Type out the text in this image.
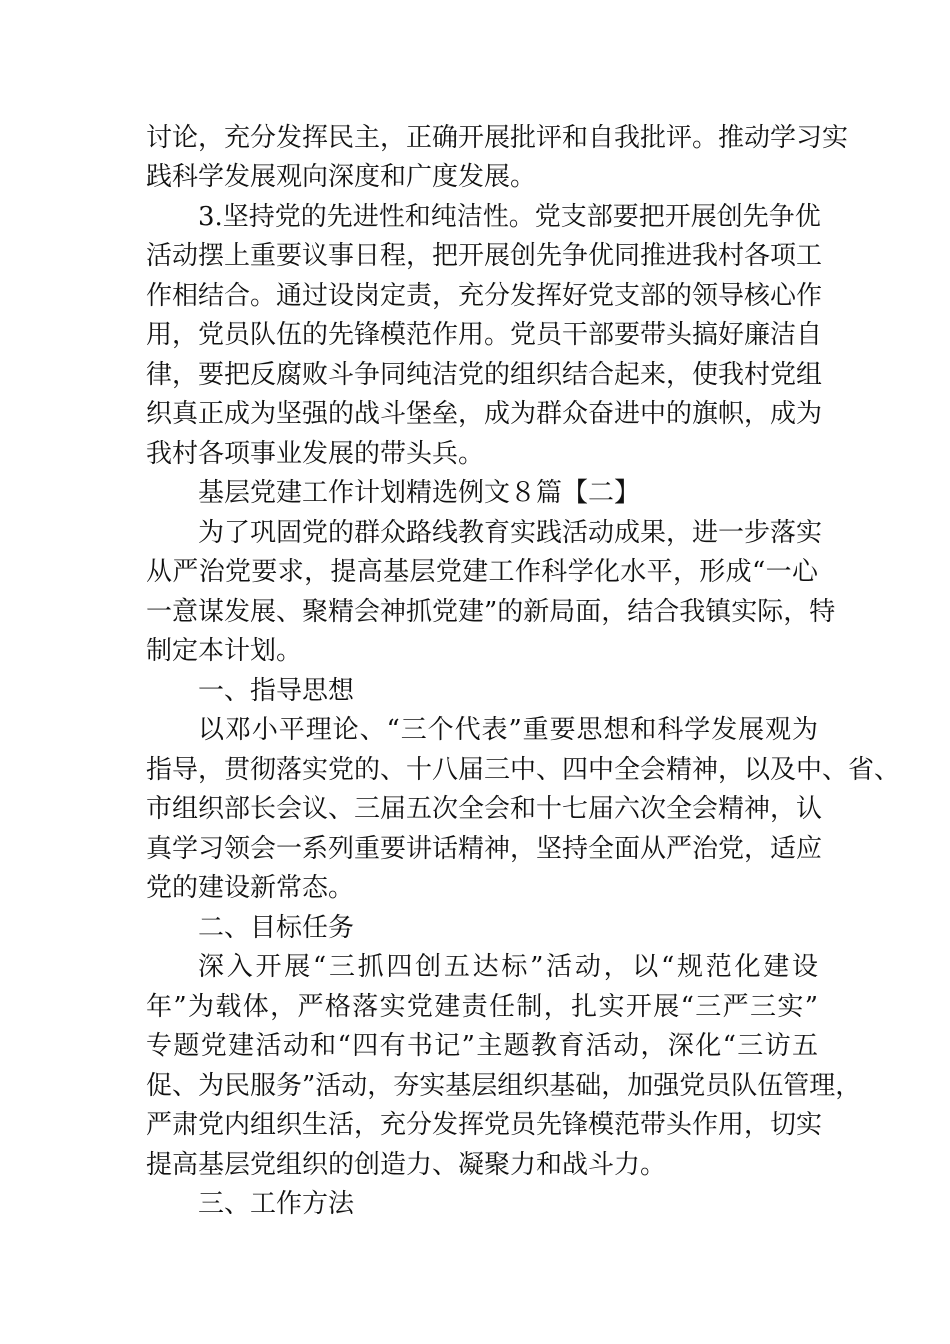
讨论，充分发挥民主，正确开展批评和自我批评。推动学习实
践科学发展观向深度和广度发展。
3.坚持党的先进性和纯洁性。党支部要把开展创先争优
活动摆上重要议事日程，把开展创先争优同推进我村各项工
作相结合。通过设岗定责，充分发挥好党支部的领导核心作
用，党员队伍的先锋模范作用。党员干部要带头搞好廉洁自
律，要把反腐败斗争同纯洁党的组织结合起来，使我村党组
织真正成为坚强的战斗堡垒，成为群众奋进中的旗帜，成为
我村各项事业发展的带头兵。
基层党建工作计划精选例文８篇【二】
为了巩固党的群众路线教育实践活动成果，进一步落实
从严治党要求，提高基层党建工作科学化水平，形成“一心
一意谋发展、聚精会神抓党建”的新局面，结合我镇实际，特
制定本计划。
一、指导思想
以邓小平理论、“三个代表”重要思想和科学发展观为
指导，贯彻落实党的、十八届三中、四中全会精神，以及中、省、
市组织部长会议、三届五次全会和十七届六次全会精神，认
真学习领会一系列重要讲话精神，坚持全面从严治党，适应
党的建设新常态。
二、目标任务
深入开展“三抓四创五达标”活动，以“规范化建设
年”为载体，严格落实党建责任制，扎实开展“三严三实”
专题党建活动和“四有书记”主题教育活动，深化“三访五
促、为民服务”活动，夯实基层组织基础，加强党员队伍管理，
严肃党内组织生活，充分发挥党员先锋模范带头作用，切实
提高基层党组织的创造力、凝聚力和战斗力。
三、工作方法
